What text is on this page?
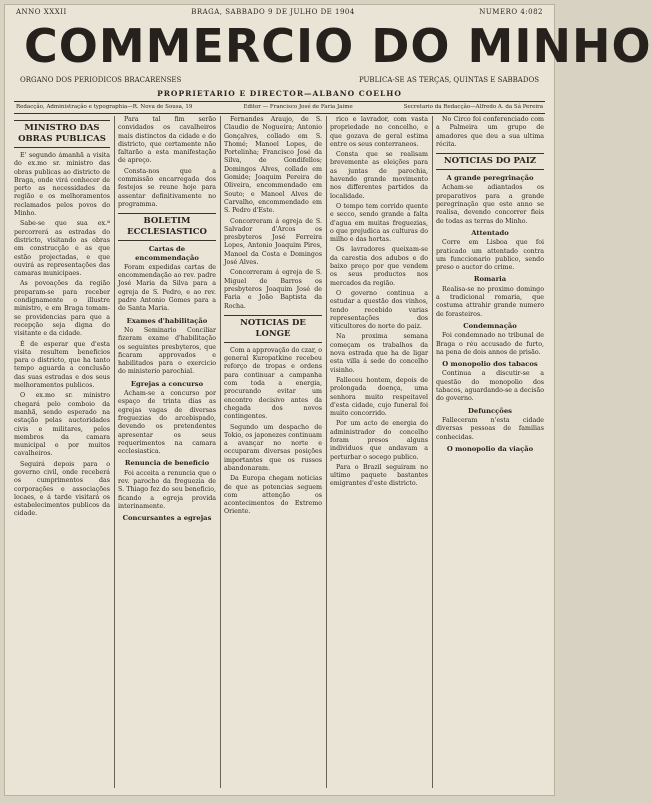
ANNO XXXII	BRAGA, SABBADO 9 DE JULHO DE 1904	NUMERO 4:082
COMMERCIO DO MINHO
ORGANO DOS PERIODICOS BRACARENSES	PUBLICA-SE AS TERÇAS, QUINTAS E SABBADOS
PROPRIETARIO E DIRECTOR—ALBANO COELHO
Redacção, Administração e typographia—R. Nova de Sousa, 19	Editor — Francisco José de Faria Jaime	Secretario da Redacção—Alfredo A. da Sá Pereira
MINISTRO DAS OBRAS PUBLICAS
E' segundo ámanhã a visita do ex.mo sr. ministro das obras publicas ao districto de Braga, onde virá conhecer de perto as necessidades da região e os melhoramentos reclamados pelos povos do Minho.
Sabe-se que sua ex.ª percorrerá as estradas do districto, visitando as obras em construcção e as que estão projectadas, e que ouvirá as representações das camaras municipaes.
As povoações da região preparam-se para receber condignamente o illustre ministro, e em Braga tomam-se providencias para que a recepção seja digna do visitante e da cidade.
É de esperar que d'esta visita resultem beneficios para o districto, que ha tanto tempo aguarda a conclusão das suas estradas e dos seus melhoramentos publicos.
O ex.mo sr. ministro chegará pelo comboio da manhã, sendo esperado na estação pelas auctoridades civis e militares, pelos membros da camara municipal e por muitos cavalheiros.
Seguirá depois para o governo civil, onde receberá os cumprimentos das corporações e associações locaes, e á tarde visitará os estabelecimentos publicos da cidade.
Para tal fim serão convidados os cavalheiros mais distinctos da cidade e do districto, que certamente não faltarão a esta manifestação de apreço.
Consta-nos que a commissão encarregada dos festejos se reune hoje para assentar definitivamente no programma.
BOLETIM ECCLESIASTICO
Cartas de encommendação
Foram expedidas cartas de encommendação ao rev. padre José Maria da Silva para a egreja de S. Pedro, e ao rev. padre Antonio Gomes para a de Santa Maria.
Exames d'habilitação
No Seminario Conciliar fizeram exame d'habilitação os seguintes presbyteros, que ficaram approvados e habilitados para o exercicio do ministerio parochial.
Egrejas a concurso
Acham-se a concurso por espaço de trinta dias as egrejas vagas de diversas freguezias do arcebispado, devendo os pretendentes apresentar os seus requerimentos na camara ecclesiastica.
Renuncia de beneficio
Foi acceita a renuncia que o rev. parocho da freguezia de S. Thiago fez do seu beneficio, ficando a egreja provida interinamente.
Concursantes a egrejas
Fernandes Araujo, de S. Claudio de Nogueira; Antonio Gonçalves, collado em S. Thomé; Manoel Lopes, de Portelinha; Francisco José da Silva, de Gondifellos; Domingos Alves, collado em Gomide; Joaquim Pereira de Oliveira, encommendado em Souto; e Manoel Alves de Carvalho, encommendado em S. Pedro d'Este.
Concorreram á egreja de S. Salvador d'Arcos os presbyteros José Ferreira Lopes, Antonio Joaquim Pires, Manoel da Costa e Domingos José Alves.
Concorreram á egreja de S. Miguel de Barros os presbyteros Joaquim José de Faria e João Baptista da Rocha.
NOTICIAS DE LONGE
Com a approvação do czar, o general Kuropatkine recebeu reforço de tropas e ordens para continuar a campanha com toda a energia, procurando evitar um encontro decisivo antes da chegada dos novos contingentes.
Segundo um despacho de Tokio, os japonezes continuam a avançar no norte e occuparam diversas posições importantes que os russos abandonaram.
Da Europa chegam noticias de que as potencias seguem com attenção os acontecimentos do Extremo Oriente.
rico e lavrador, com vasta propriedade no concelho, e que gozava de geral estima entre os seus conterraneos.
Consta que se realisam brevemente as eleições para as juntas de parochia, havendo grande movimento nos differentes partidos da localidade.
O tempo tem corrido quente e secco, sendo grande a falta d'agua em muitas freguezias, o que prejudica as culturas do milho e das hortas.
Os lavradores queixam-se da carestia dos adubos e do baixo preço por que vendem os seus productos nos mercados da região.
O governo continua a estudar a questão dos vinhos, tendo recebido varias representações dos viticultores do norte do paiz.
Na proxima semana começam os trabalhos da nova estrada que ha de ligar esta villa á sede do concelho visinho.
Falleceu hontem, depois de prolongada doença, uma senhora muito respeitavel d'esta cidade, cujo funeral foi muito concorrido.
Por um acto de energia do administrador do concelho foram presos alguns individuos que andavam a perturbar o socego publico.
Para o Brazil seguiram no ultimo paquete bastantes emigrantes d'este districto.
No Circo foi conferenciado com a Palmeira um grupo de amadores que deu a sua ultima récita.
NOTICIAS DO PAIZ
A grande peregrinação
Acham-se adiantados os preparativos para a grande peregrinação que este anno se realisa, devendo concorrer fieis de todas as terras do Minho.
Attentado
Corre em Lisboa que foi praticado um attentado contra um funccionario publico, sendo preso o auctor do crime.
Romaria
Realisa-se no proximo domingo a tradicional romaria, que costuma attrahir grande numero de forasteiros.
Condemnação
Foi condemnado no tribunal de Braga o réu accusado de furto, na pena de dois annos de prisão.
O monopolio dos tabacos
Continua a discutir-se a questão do monopolio dos tabacos, aguardando-se a decisão do governo.
Defuncções
Falleceram n'esta cidade diversas pessoas de familias conhecidas.
O monopolio da viação
